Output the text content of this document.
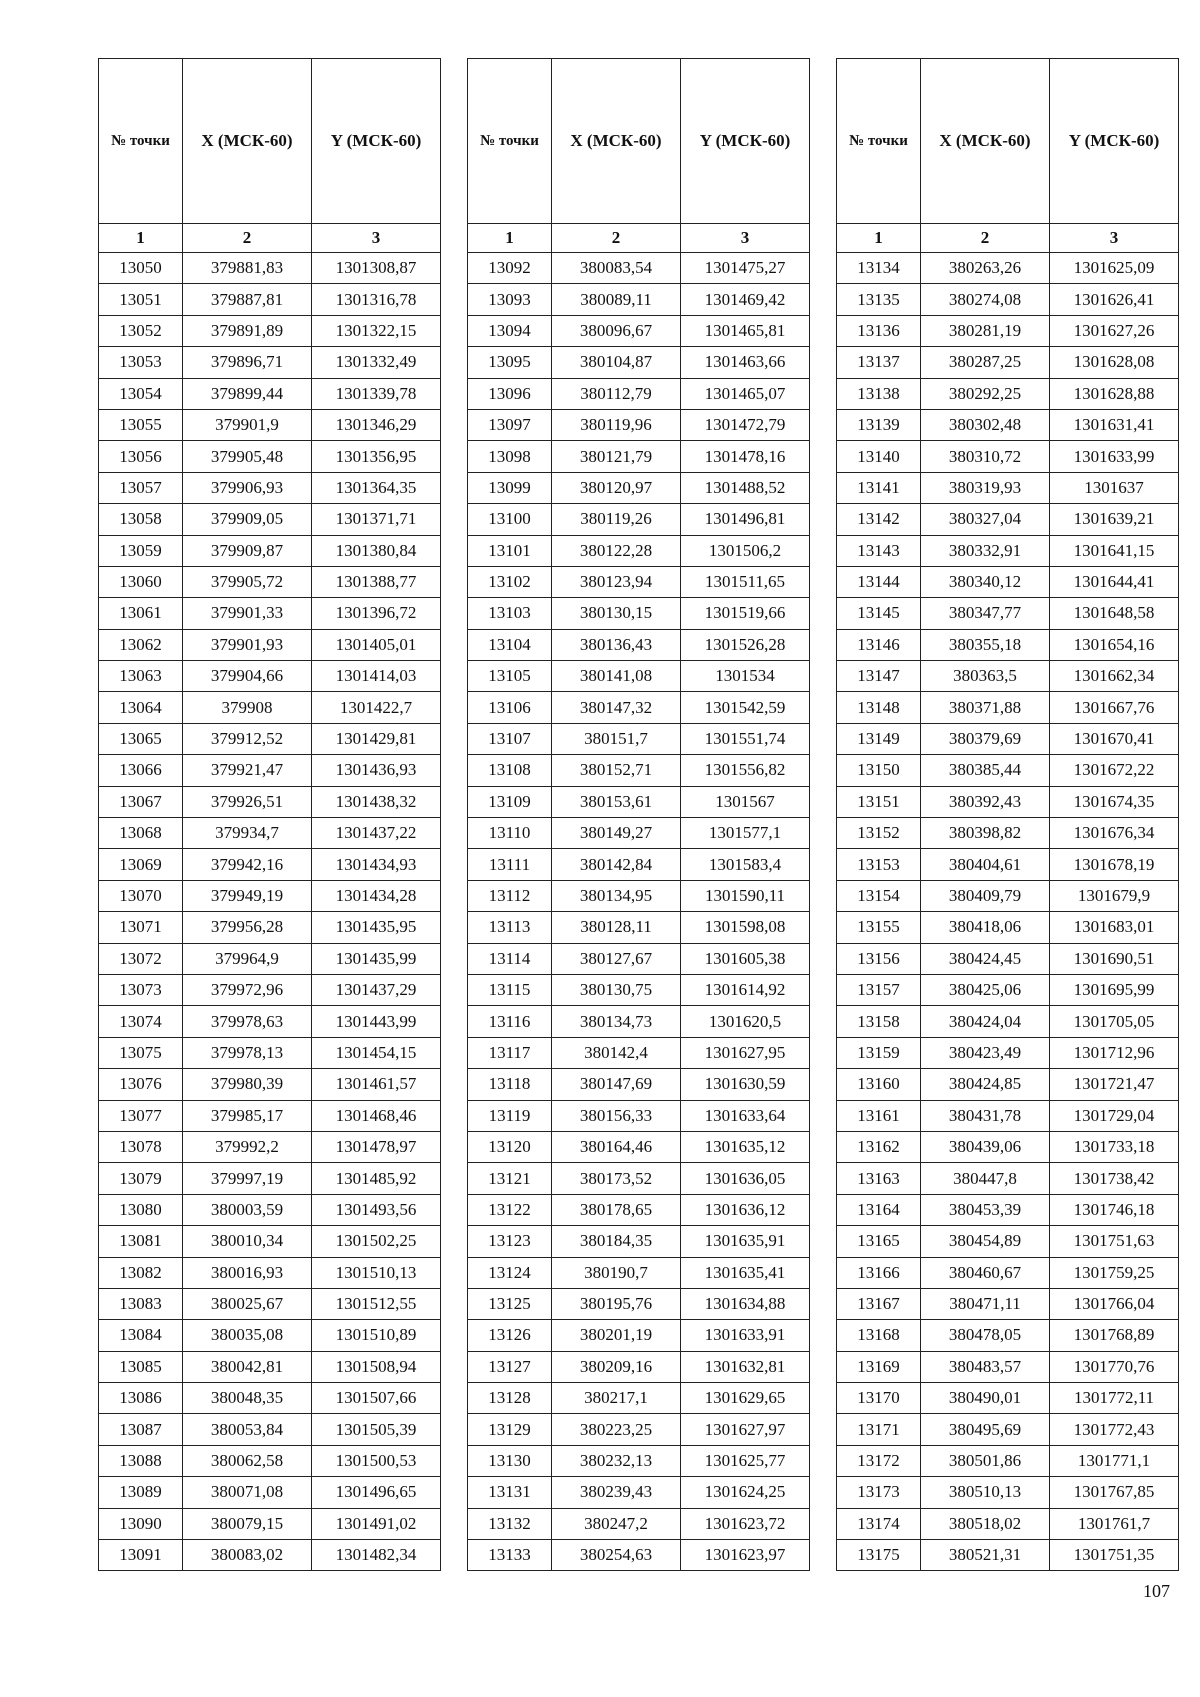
№ точки	X (МСК-60)	Y (МСК-60)
1	2	3
13050	379881,83	1301308,87
13051	379887,81	1301316,78
13052	379891,89	1301322,15
13053	379896,71	1301332,49
13054	379899,44	1301339,78
13055	379901,9	1301346,29
13056	379905,48	1301356,95
13057	379906,93	1301364,35
13058	379909,05	1301371,71
13059	379909,87	1301380,84
13060	379905,72	1301388,77
13061	379901,33	1301396,72
13062	379901,93	1301405,01
13063	379904,66	1301414,03
13064	379908	1301422,7
13065	379912,52	1301429,81
13066	379921,47	1301436,93
13067	379926,51	1301438,32
13068	379934,7	1301437,22
13069	379942,16	1301434,93
13070	379949,19	1301434,28
13071	379956,28	1301435,95
13072	379964,9	1301435,99
13073	379972,96	1301437,29
13074	379978,63	1301443,99
13075	379978,13	1301454,15
13076	379980,39	1301461,57
13077	379985,17	1301468,46
13078	379992,2	1301478,97
13079	379997,19	1301485,92
13080	380003,59	1301493,56
13081	380010,34	1301502,25
13082	380016,93	1301510,13
13083	380025,67	1301512,55
13084	380035,08	1301510,89
13085	380042,81	1301508,94
13086	380048,35	1301507,66
13087	380053,84	1301505,39
13088	380062,58	1301500,53
13089	380071,08	1301496,65
13090	380079,15	1301491,02
13091	380083,02	1301482,34
№ точки	X (МСК-60)	Y (МСК-60)
1	2	3
13092	380083,54	1301475,27
13093	380089,11	1301469,42
13094	380096,67	1301465,81
13095	380104,87	1301463,66
13096	380112,79	1301465,07
13097	380119,96	1301472,79
13098	380121,79	1301478,16
13099	380120,97	1301488,52
13100	380119,26	1301496,81
13101	380122,28	1301506,2
13102	380123,94	1301511,65
13103	380130,15	1301519,66
13104	380136,43	1301526,28
13105	380141,08	1301534
13106	380147,32	1301542,59
13107	380151,7	1301551,74
13108	380152,71	1301556,82
13109	380153,61	1301567
13110	380149,27	1301577,1
13111	380142,84	1301583,4
13112	380134,95	1301590,11
13113	380128,11	1301598,08
13114	380127,67	1301605,38
13115	380130,75	1301614,92
13116	380134,73	1301620,5
13117	380142,4	1301627,95
13118	380147,69	1301630,59
13119	380156,33	1301633,64
13120	380164,46	1301635,12
13121	380173,52	1301636,05
13122	380178,65	1301636,12
13123	380184,35	1301635,91
13124	380190,7	1301635,41
13125	380195,76	1301634,88
13126	380201,19	1301633,91
13127	380209,16	1301632,81
13128	380217,1	1301629,65
13129	380223,25	1301627,97
13130	380232,13	1301625,77
13131	380239,43	1301624,25
13132	380247,2	1301623,72
13133	380254,63	1301623,97
№ точки	X (МСК-60)	Y (МСК-60)
1	2	3
13134	380263,26	1301625,09
13135	380274,08	1301626,41
13136	380281,19	1301627,26
13137	380287,25	1301628,08
13138	380292,25	1301628,88
13139	380302,48	1301631,41
13140	380310,72	1301633,99
13141	380319,93	1301637
13142	380327,04	1301639,21
13143	380332,91	1301641,15
13144	380340,12	1301644,41
13145	380347,77	1301648,58
13146	380355,18	1301654,16
13147	380363,5	1301662,34
13148	380371,88	1301667,76
13149	380379,69	1301670,41
13150	380385,44	1301672,22
13151	380392,43	1301674,35
13152	380398,82	1301676,34
13153	380404,61	1301678,19
13154	380409,79	1301679,9
13155	380418,06	1301683,01
13156	380424,45	1301690,51
13157	380425,06	1301695,99
13158	380424,04	1301705,05
13159	380423,49	1301712,96
13160	380424,85	1301721,47
13161	380431,78	1301729,04
13162	380439,06	1301733,18
13163	380447,8	1301738,42
13164	380453,39	1301746,18
13165	380454,89	1301751,63
13166	380460,67	1301759,25
13167	380471,11	1301766,04
13168	380478,05	1301768,89
13169	380483,57	1301770,76
13170	380490,01	1301772,11
13171	380495,69	1301772,43
13172	380501,86	1301771,1
13173	380510,13	1301767,85
13174	380518,02	1301761,7
13175	380521,31	1301751,35
107
